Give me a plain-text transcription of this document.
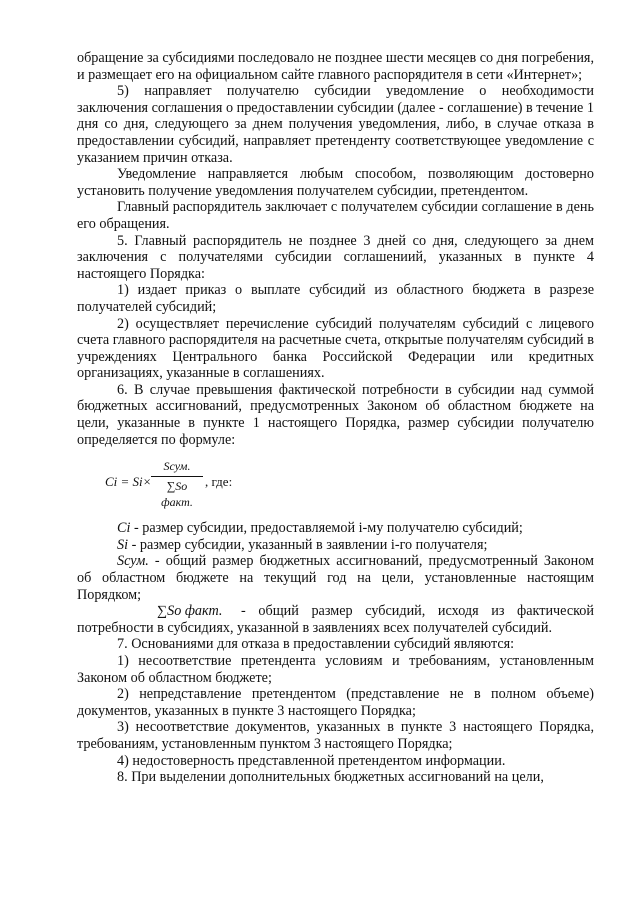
обращение за субсидиями последовало не позднее шести месяцев со дня погребения, и размещает его на официальном сайте главного распорядителя в сети «Интернет»;

5) направляет получателю субсидии уведомление о необходимости заключения соглашения о предоставлении субсидии (далее - соглашение) в течение 1 дня со дня, следующего за днем получения уведомления, либо, в случае отказа в предоставлении субсидий, направляет претенденту соответствующее уведомление с указанием причин отказа.

Уведомление направляется любым способом, позволяющим достоверно установить получение уведомления получателем субсидии, претендентом.

Главный распорядитель заключает с получателем субсидии соглашение в день его обращения.

5. Главный распорядитель не позднее 3 дней со дня, следующего за днем заключения с получателями субсидии соглашениий, указанных в пункте 4 настоящего Порядка:

1) издает приказ о выплате субсидий из областного бюджета в разрезе получателей субсидий;

2) осуществляет перечисление субсидий получателям субсидий с лицевого счета главного распорядителя на расчетные счета, открытые получателям субсидий в учреждениях Центрального банка Российской Федерации или кредитных организациях, указанные в соглашениях.

6. В случае превышения фактической потребности в субсидии над суммой бюджетных ассигнований, предусмотренных Законом об областном бюджете на цели, указанные в пункте 1 настоящего Порядка, размер субсидии получателю определяется по формуле:

Ci = Si×
Sсум.
∑Sо факт.
, где:

Ci - размер субсидии, предоставляемой i-му получателю субсидий;

Si - размер субсидии, указанный в заявлении i-го получателя;

Sсум. - общий размер бюджетных ассигнований, предусмотренный Законом об областном бюджете на текущий год на цели, установленные настоящим Порядком;

∑Sо факт. - общий размер субсидий, исходя из фактической потребности в субсидиях, указанной в заявлениях всех получателей субсидий.

7. Основаниями для отказа в предоставлении субсидий являются:

1) несоответствие претендента условиям и требованиям, установленным Законом об областном бюджете;

2) непредставление претендентом (представление не в полном объеме) документов, указанных в пункте 3 настоящего Порядка;

3) несоответствие документов, указанных в пункте 3 настоящего Порядка, требованиям, установленным пунктом 3 настоящего Порядка;

4) недостоверность представленной претендентом информации.

8. При выделении дополнительных бюджетных ассигнований на цели,
